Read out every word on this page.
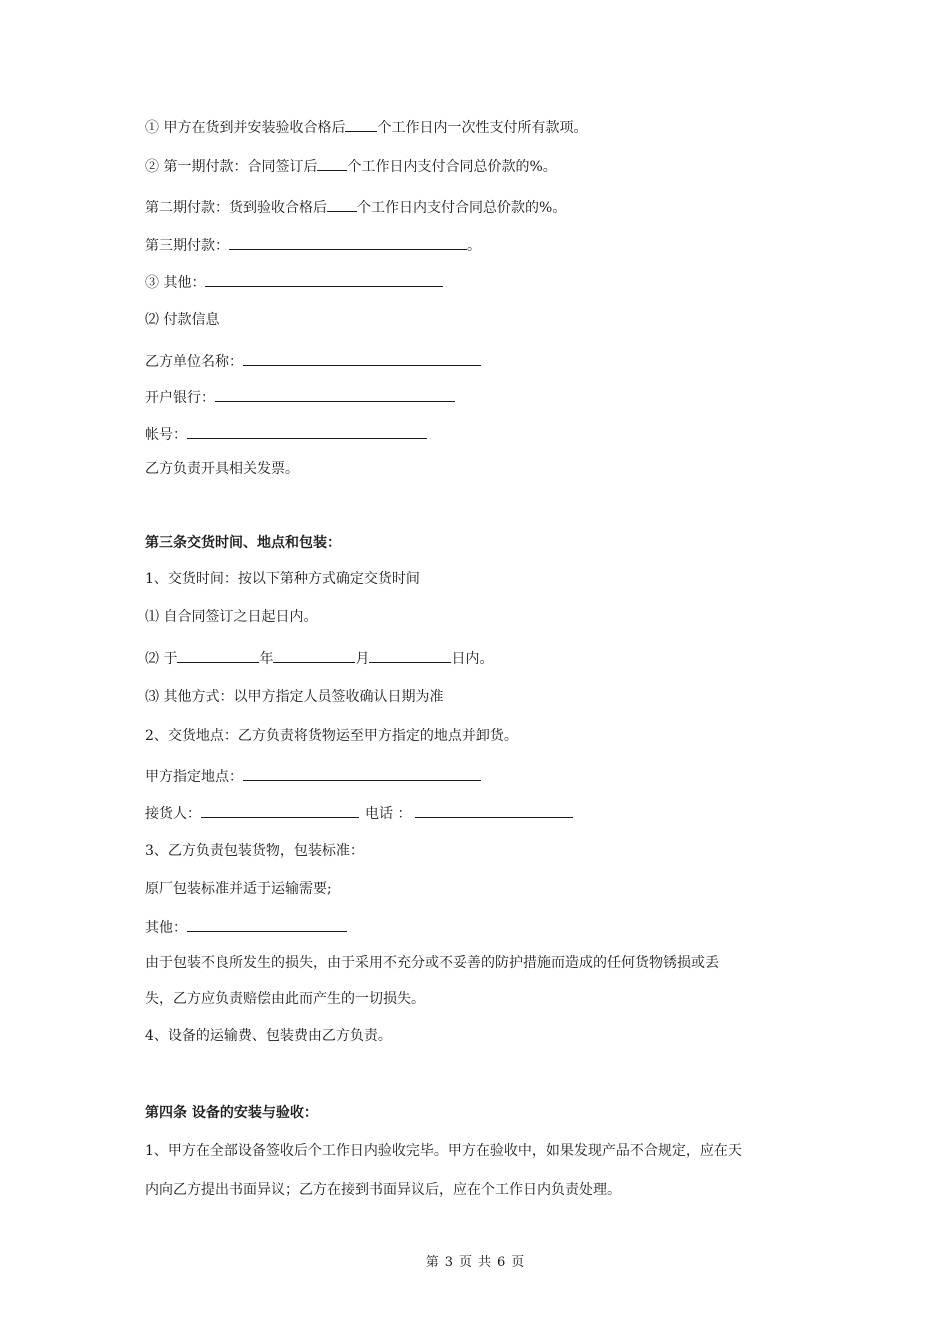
① 甲方在货到并安装验收合格后 个工作日内一次性支付所有款项。
② 第一期付款：合同签订后 个工作日内支付合同总价款的%。
第二期付款：货到验收合格后 个工作日内支付合同总价款的%。
第三期付款：	。
③ 其他：
⑵ 付款信息
乙方单位名称：
开户银行：
帐号：
乙方负责开具相关发票。
第三条交货时间、地点和包装：
1、交货时间：按以下第种方式确定交货时间
⑴ 自合同签订之日起日内。
⑵ 于	年	月	日内。
⑶ 其他方式：以甲方指定人员签收确认日期为准
2、交货地点：乙方负责将货物运至甲方指定的地点并卸货。
甲方指定地点：
接货人：	电话 ：
3、乙方负责包装货物，包装标准：
原厂包装标准并适于运输需要;
其他：
由于包装不良所发生的损失，由于采用不充分或不妥善的防护措施而造成的任何货物锈损或丢
失，乙方应负责赔偿由此而产生的一切损失。
4、设备的运输费、包装费由乙方负责。
第四条 设备的安装与验收：
1、甲方在全部设备签收后个工作日内验收完毕。甲方在验收中，如果发现产品不合规定，应在天
内向乙方提出书面异议；乙方在接到书面异议后，应在个工作日内负责处理。
第 3 页 共 6 页
